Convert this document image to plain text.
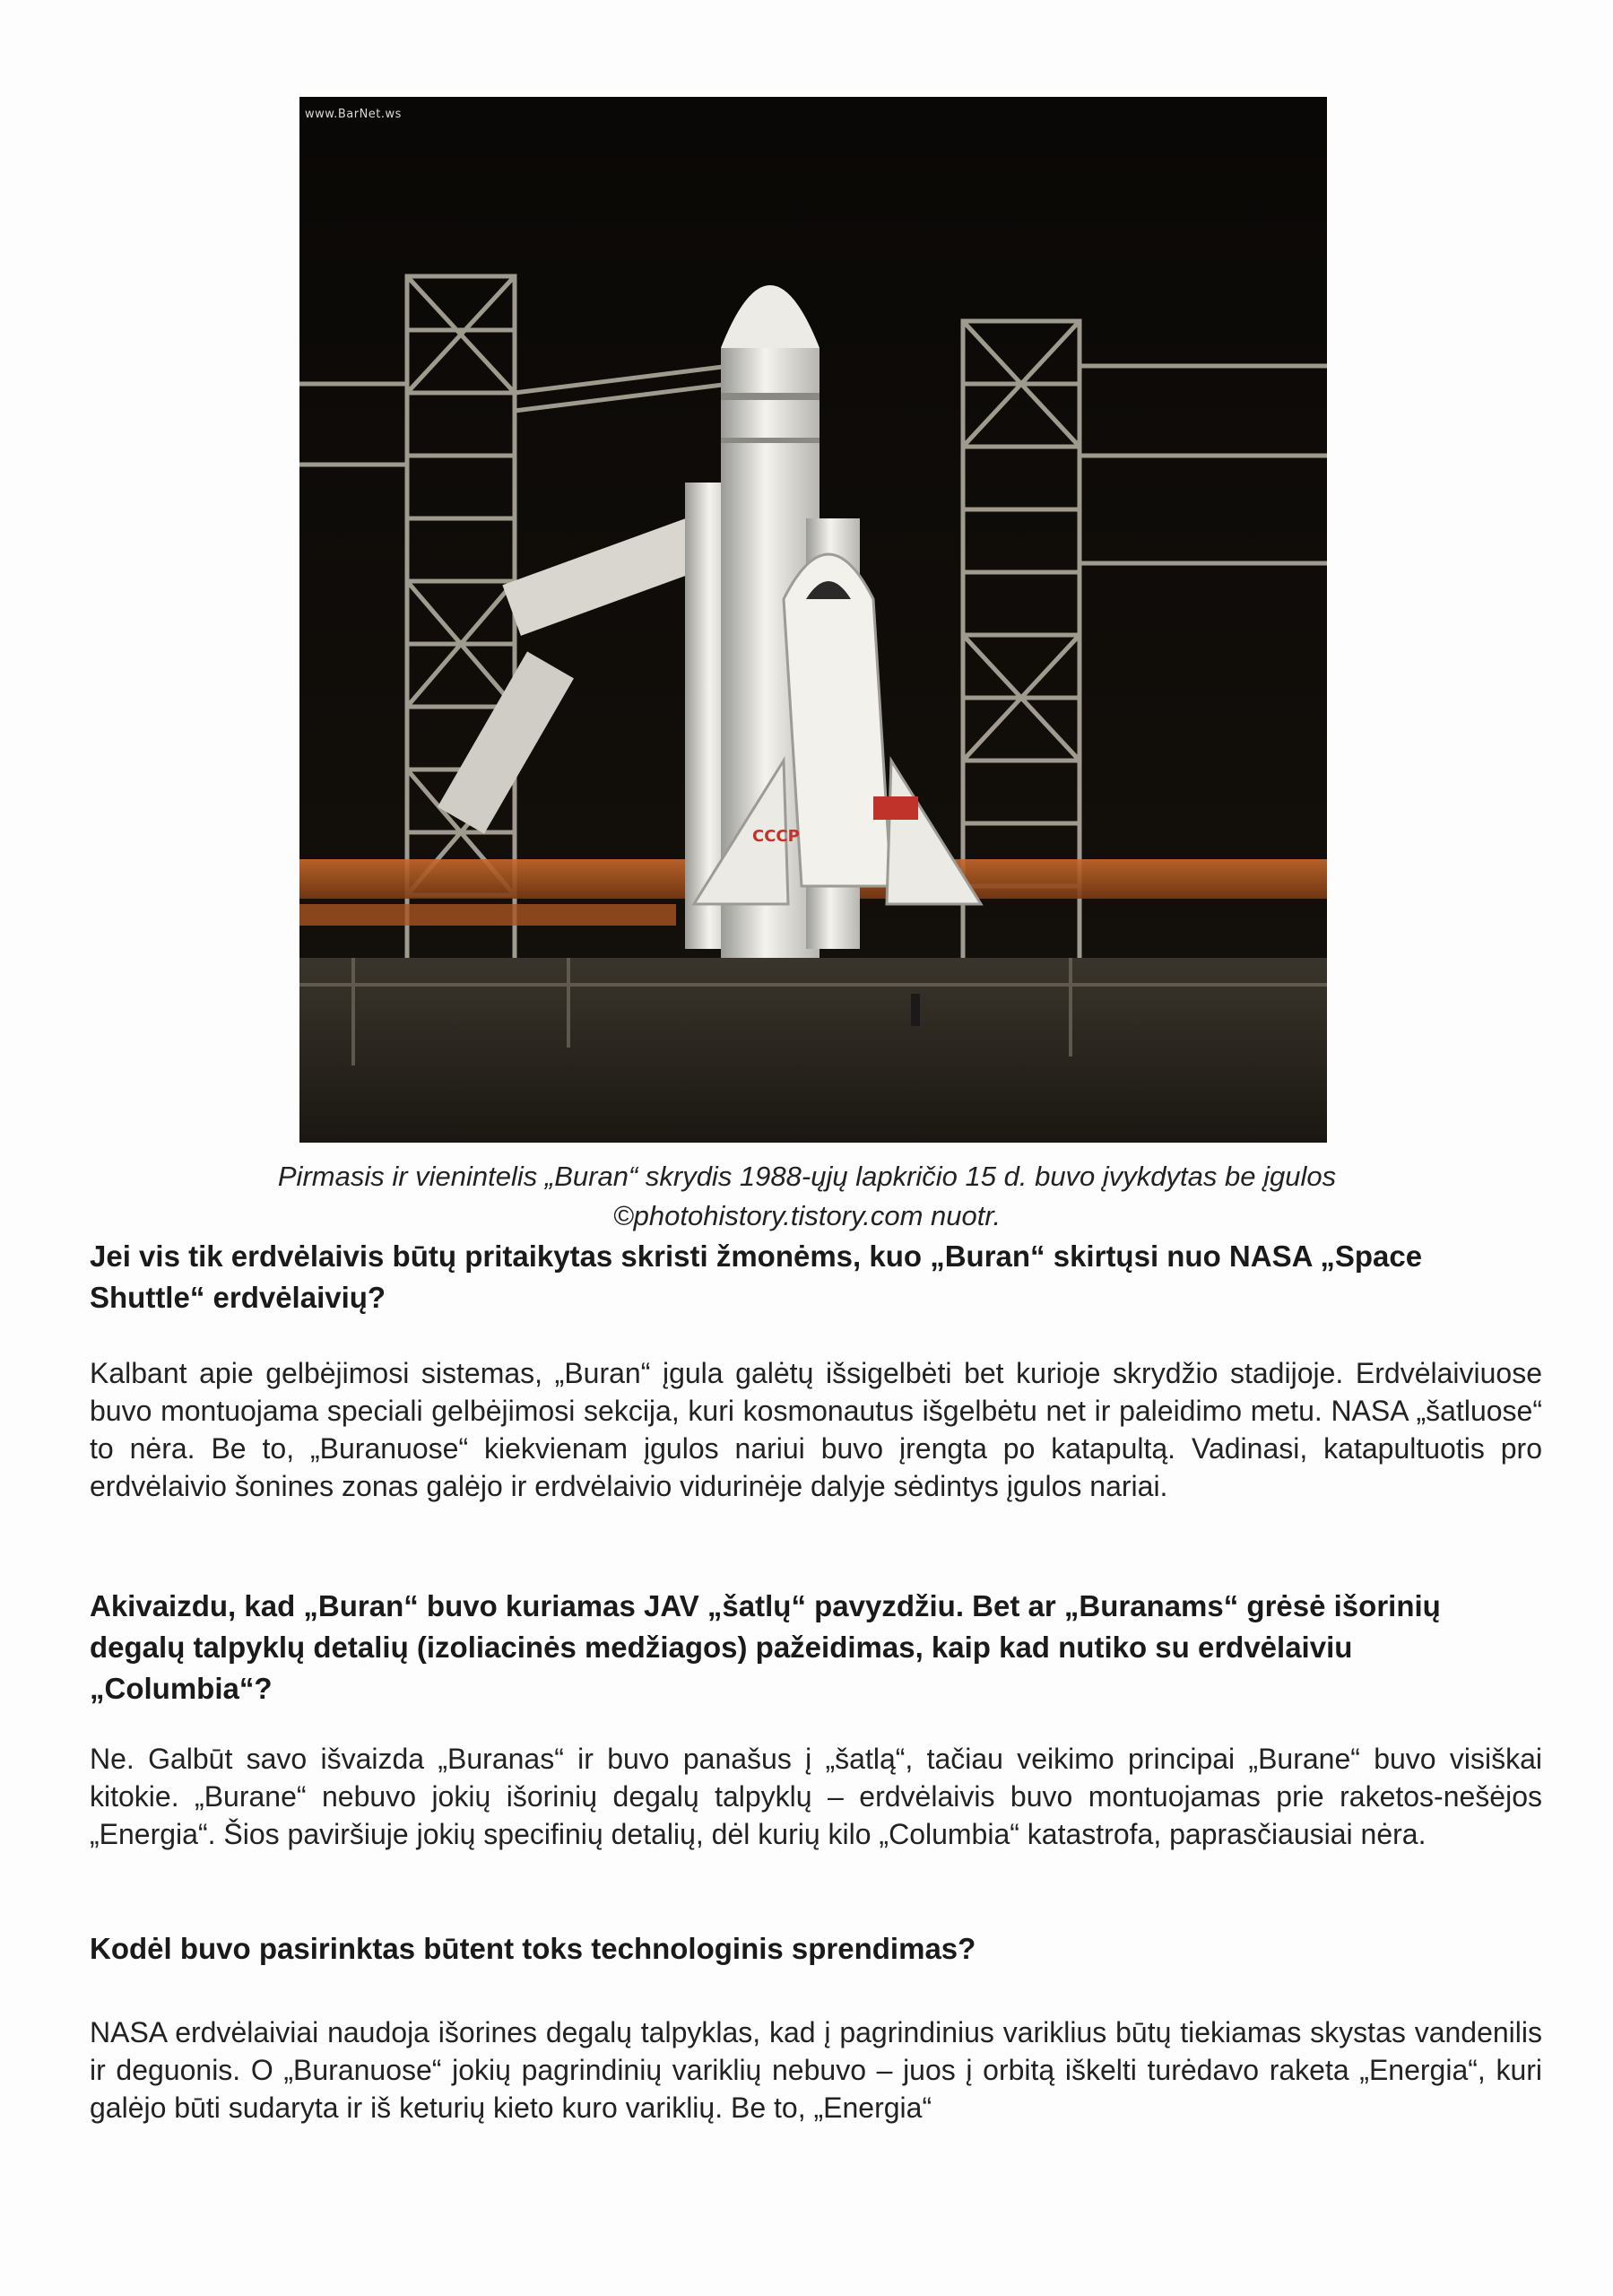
CCCP
www.BarNet.ws
Pirmasis ir vienintelis „Buran“ skrydis 1988-ųjų lapkričio 15 d. buvo įvykdytas be įgulos
©photohistory.tistory.com nuotr.
Jei vis tik erdvėlaivis būtų pritaikytas skristi žmonėms, kuo „Buran“ skirtųsi nuo NASA „Space Shuttle“ erdvėlaivių?
Kalbant apie gelbėjimosi sistemas, „Buran“ įgula galėtų išsigelbėti bet kurioje skrydžio stadijoje. Erdvėlaiviuose buvo montuojama speciali gelbėjimosi sekcija, kuri kosmonautus išgelbėtu net ir paleidimo metu. NASA „šatluose“ to nėra. Be to, „Buranuose“ kiekvienam įgulos nariui buvo įrengta po katapultą. Vadinasi, katapultuotis pro erdvėlaivio šonines zonas galėjo ir erdvėlaivio vidurinėje dalyje sėdintys įgulos nariai.
Akivaizdu, kad „Buran“ buvo kuriamas JAV „šatlų“ pavyzdžiu. Bet ar „Buranams“ grėsė išorinių degalų talpyklų detalių (izoliacinės medžiagos) pažeidimas, kaip kad nutiko su erdvėlaiviu „Columbia“?
Ne. Galbūt savo išvaizda „Buranas“ ir buvo panašus į „šatlą“, tačiau veikimo principai „Burane“ buvo visiškai kitokie. „Burane“ nebuvo jokių išorinių degalų talpyklų – erdvėlaivis buvo montuojamas prie raketos-nešėjos „Energia“. Šios paviršiuje jokių specifinių detalių, dėl kurių kilo „Columbia“ katastrofa, paprasčiausiai nėra.
Kodėl buvo pasirinktas būtent toks technologinis sprendimas?
NASA erdvėlaiviai naudoja išorines degalų talpyklas, kad į pagrindinius variklius būtų tiekiamas skystas vandenilis ir deguonis. O „Buranuose“ jokių pagrindinių variklių nebuvo – juos į orbitą iškelti turėdavo raketa „Energia“, kuri galėjo būti sudaryta ir iš keturių kieto kuro variklių. Be to, „Energia“
